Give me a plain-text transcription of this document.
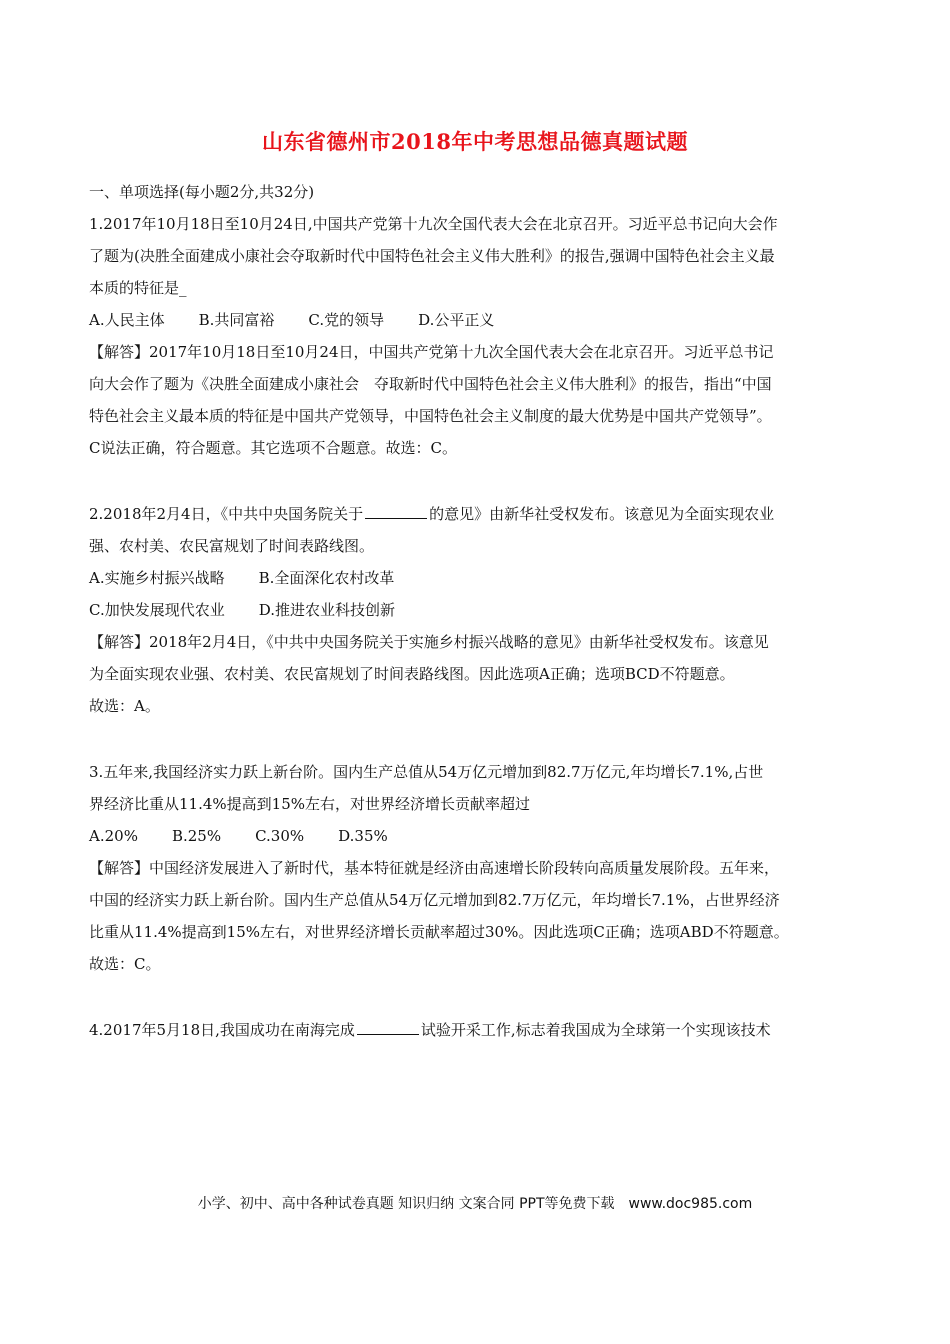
山东省德州市2018年中考思想品德真题试题
一、单项选择(每小题2分,共32分)
1.2017年10月18日至10月24日,中国共产党第十九次全国代表大会在北京召开。习近平总书记向大会作
了题为(决胜全面建成小康社会夺取新时代中国特色社会主义伟大胜利》的报告,强调中国特色社会主义最
本质的特征是_
A.人民主体 B.共同富裕 C.党的领导 D.公平正义
【解答】2017年10月18日至10月24日，中国共产党第十九次全国代表大会在北京召开。习近平总书记
向大会作了题为《决胜全面建成小康社会　夺取新时代中国特色社会主义伟大胜利》的报告，指出“中国
特色社会主义最本质的特征是中国共产党领导，中国特色社会主义制度的最大优势是中国共产党领导”。
C说法正确，符合题意。其它选项不合题意。故选：C。
2.2018年2月4日，《中共中央国务院关于	的意见》由新华社受权发布。该意见为全面实现农业
强、农村美、农民富规划了时间表路线图。
A.实施乡村振兴战略 B.全面深化农村改革
C.加快发展现代农业 D.推进农业科技创新
【解答】2018年2月4日，《中共中央国务院关于实施乡村振兴战略的意见》由新华社受权发布。该意见
为全面实现农业强、农村美、农民富规划了时间表路线图。因此选项A正确；选项BCD不符题意。
故选：A。
3.五年来,我国经济实力跃上新台阶。国内生产总值从54万亿元增加到82.7万亿元,年均增长7.1%,占世
界经济比重从11.4%提高到15%左右，对世界经济增长贡献率超过
A.20% B.25% C.30% D.35%
【解答】中国经济发展进入了新时代，基本特征就是经济由高速增长阶段转向高质量发展阶段。五年来，
中国的经济实力跃上新台阶。国内生产总值从54万亿元增加到82.7万亿元，年均增长7.1%，占世界经济
比重从11.4%提高到15%左右，对世界经济增长贡献率超过30%。因此选项C正确；选项ABD不符题意。
故选：C。
4.2017年5月18日,我国成功在南海完成	试验开采工作,标志着我国成为全球第一个实现该技术
小学、初中、高中各种试卷真题 知识归纳 文案合同 PPT等免费下载　www.doc985.com
